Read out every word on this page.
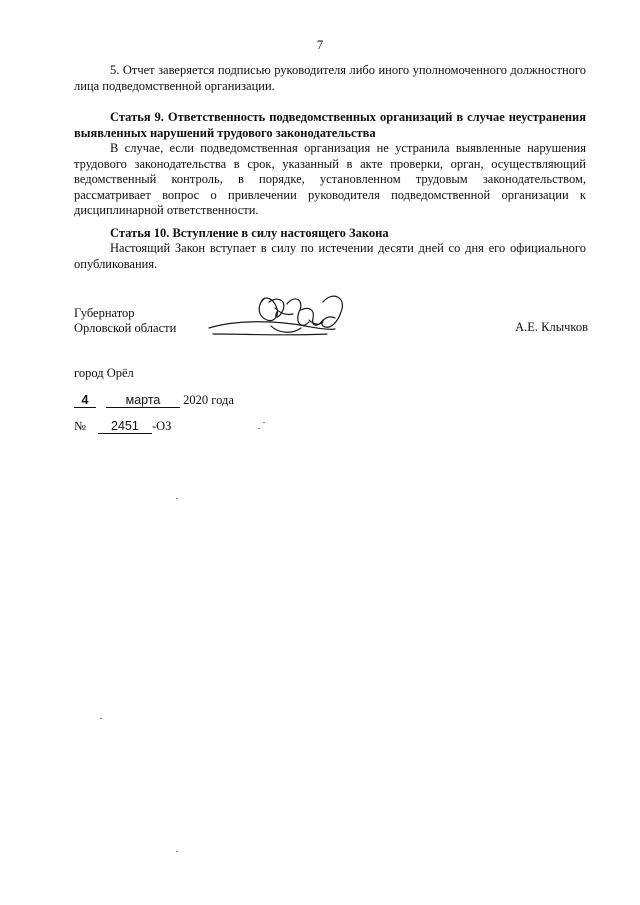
7
5. Отчет заверяется подписью руководителя либо иного уполномоченного должностного лица подведомственной организации.
Статья 9. Ответственность подведомственных организаций в случае неустранения выявленных нарушений трудового законодательства
В случае, если подведомственная организация не устранила выявленные нарушения трудового законодательства в срок, указанный в акте проверки, орган, осуществляющий ведомственный контроль, в порядке, установленном трудовым законодательством, рассматривает вопрос о привлечении руководителя подведомственной организации к дисциплинарной ответственности.
Статья 10. Вступление в силу настоящего Закона
Настоящий Закон вступает в силу по истечении десяти дней со дня его официального опубликования.
Губернатор
Орловской области	А.Е. Клычков
город Орёл
4	марта 2020 года
№ 2451 -ОЗ
